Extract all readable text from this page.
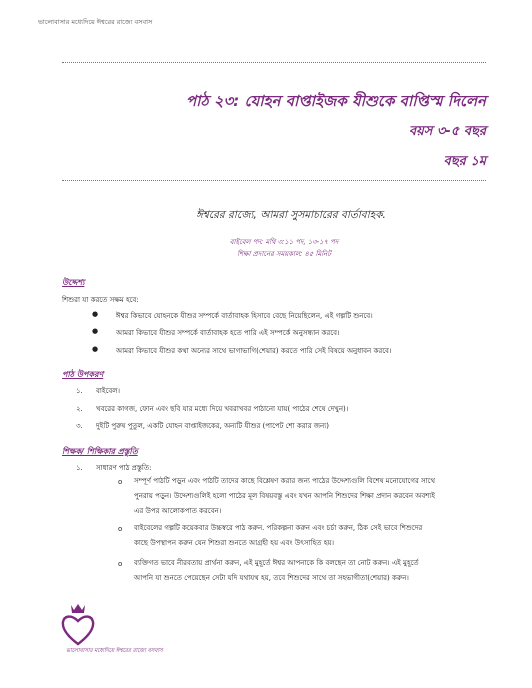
ভালোবাসার মধ্যেদিয়ে ঈশ্বরের রাজ্যে বসবাস
পাঠ ২৩: যোহন বাপ্তাইজক যীশুকে বাপ্তিস্ম দিলেন
বয়স ৩-৫ বছর
বছর ১ম
ঈশ্বরের রাজ্যে, আমরা সুসমাচারের বার্তাবাহক.
বাইবেল পদ: মথি ৩:১১ পদ, ১৩-১৭ পদ
শিক্ষা প্রদানের সময়কাল: ৪৫ মিনিট
উদ্দেশ্য
শিশুরা যা করতে সক্ষম হবে:
●	ঈশ্বর কিভাবে যোহনকে যীশুর সম্পর্কে বার্তাবাহক হিসাবে বেছে নিয়েছিলেন, এই গল্পটি শুনবে।
●	আমরা কিভাবে যীশুর সম্পর্কে বার্তাবাহক হতে পারি এই সম্পর্কে অনুসন্ধান করবে।
●	আমরা কিভাবে যীশুর কথা অন্যের সাথে ভাগাভাগি(শেয়ার) করতে পারি সেই বিষয়ে অনুধাবন করবে।
পাঠ উপকরণ
১. বাইবেল।
২. খবরের কাগজ, ফোন এবং ছবি যার মধ্যে দিয়ে খবরাখবর পাঠানো যায়( পাঠের শেষে দেখুন)।
৩. দুইটি পুরুষ পুতুল, একটি যোহন বাপ্তাইজকের, অন্যটি যীশুর (পাপেট শো করার জন্য)
শিক্ষক/ শিক্ষিকার প্রস্তুতি
১. সাধারণ পাঠ প্রস্তুতি:
o সম্পূর্ণ পাঠটি পড়ুন এবং পাঠটি তাদের কাছে বিশ্লেষণ করার জন্য পাঠের উদ্দেশ্যগুলি বিশেষ মনোযোগের সাথে
পুনরায় পড়ুন। উদ্দেশ্যগুলিই হলো পাঠের মূল বিষয়বস্তু এবং যখন আপনি শিশুদের শিক্ষা প্রদান করবেন অবশ্যই
এর উপর আলোকপাত করবেন।
o বাইবেলের গল্পটি কয়েকবার উচ্চস্বরে পাঠ করুন. পরিকল্পনা করুন এবং চর্চা করুন, ঠিক সেই ভাবে শিশুদের
কাছে উপস্থাপন করুন যেন শিশুরা শুনতে আগ্রহী হয় এবং উৎসাহিত হয়।
o ব্যক্তিগত ভাবে নীরবতায় প্রার্থনা করুন, এই মুহূর্তে ঈশ্বর আপনাকে কি বলছেন তা নোট করুন। এই মুহূর্তে
আপনি যা শুনতে পেয়েছেন সেটা যদি যথাযথ হয়, তবে শিশুদের সাথে তা সহভাগীতা(শেয়ার) করুন।
ভালোবাসার মধ্যেদিয়ে ঈশ্বরের রাজ্যে বসবাস
